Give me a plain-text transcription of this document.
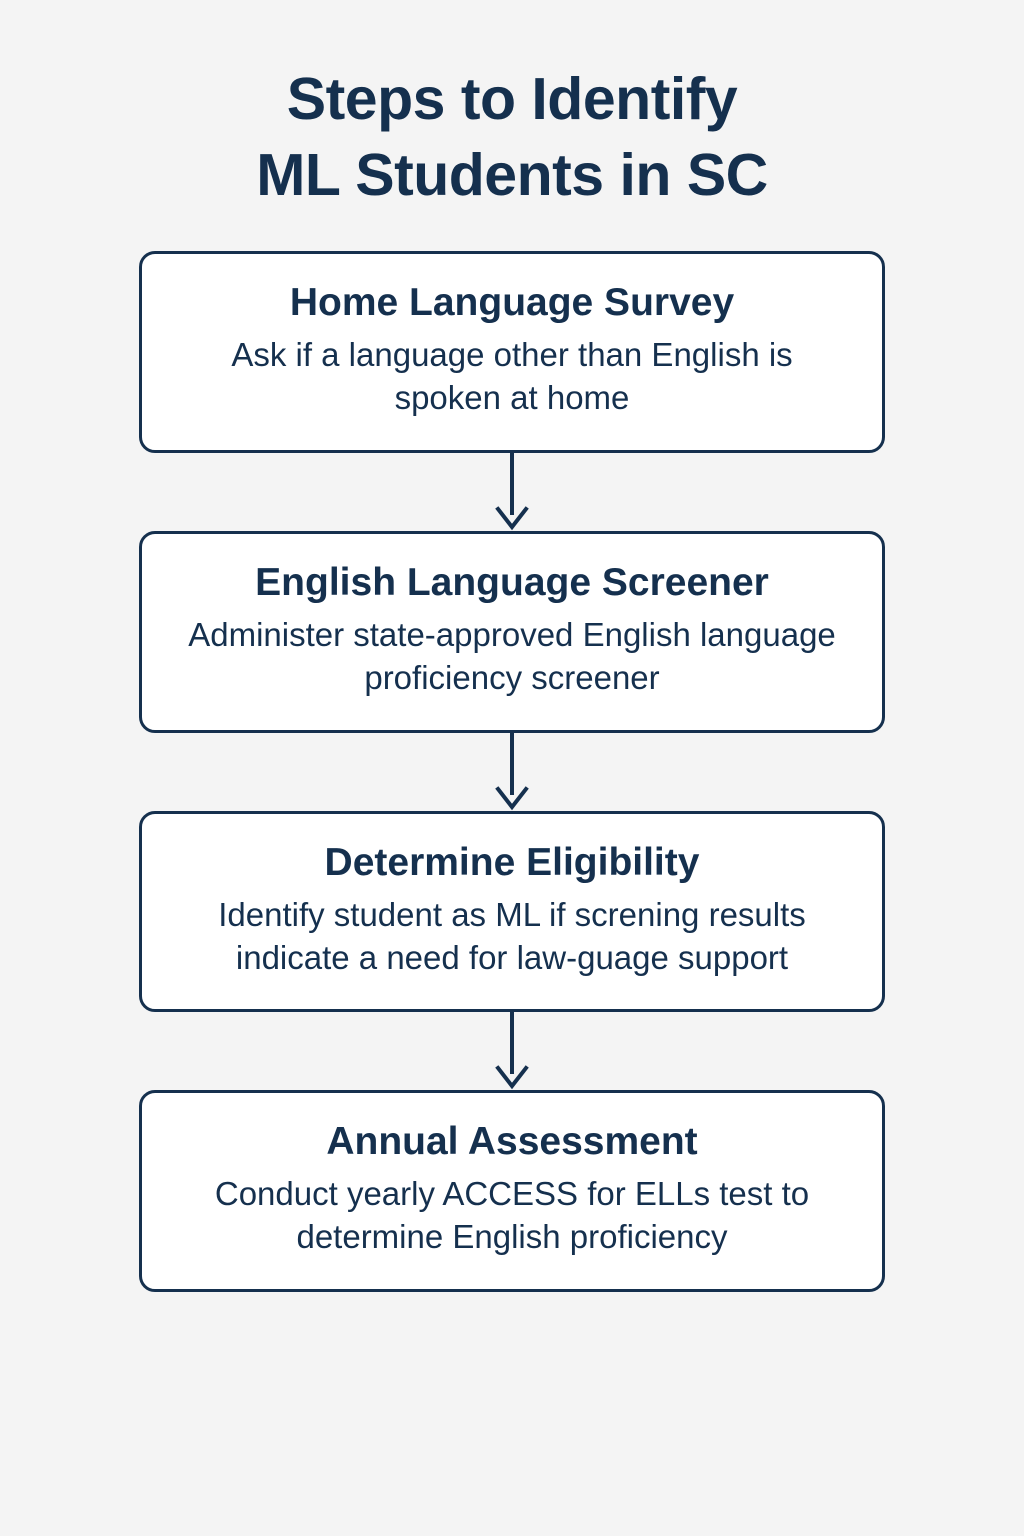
Steps to Identify
ML Students in SC
Home Language Survey
Ask if a language other than English is spoken at home
English Language Screener
Administer state-approved English language proficiency screener
Determine Eligibility
Identify student as ML if screning results indicate a need for law-guage support
Annual Assessment
Conduct yearly ACCESS for ELLs test to determine English proficiency
